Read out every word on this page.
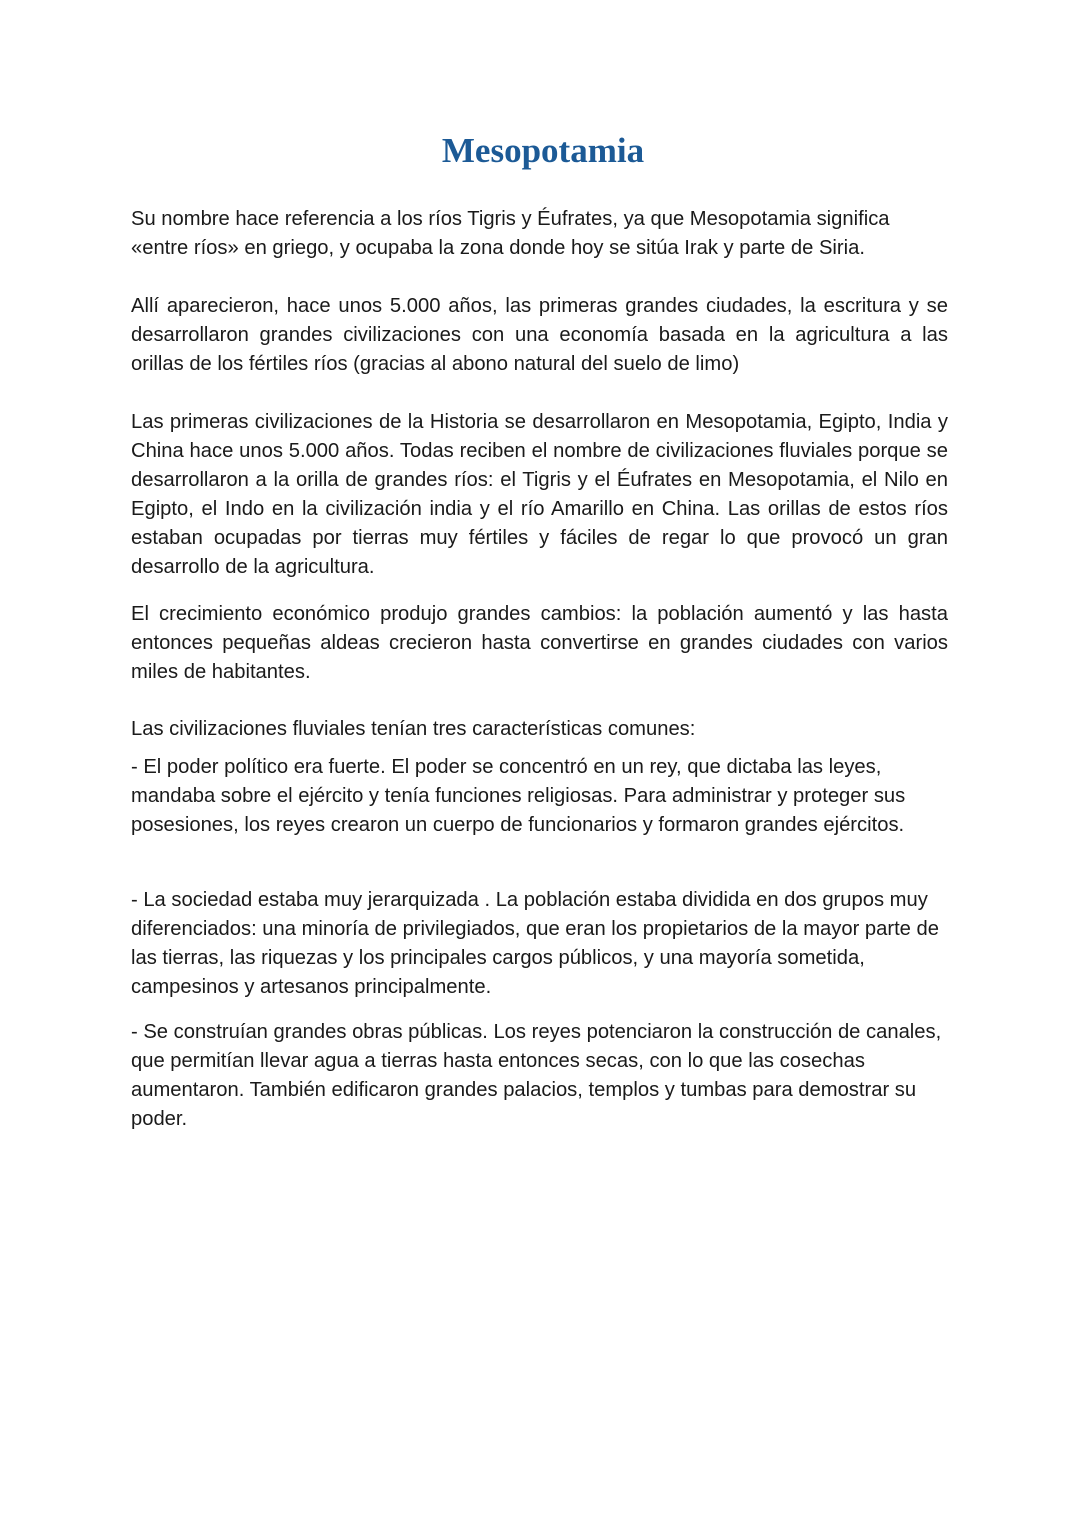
Mesopotamia

Su nombre hace referencia a los ríos Tigris y Éufrates, ya que Mesopotamia significa «entre ríos» en griego, y ocupaba la zona donde hoy se sitúa Irak y parte de Siria.

Allí aparecieron, hace unos 5.000 años, las primeras grandes ciudades, la escritura y se desarrollaron grandes civilizaciones con una economía basada en la agricultura a las orillas de los fértiles ríos (gracias al abono natural del suelo de limo)

Las primeras civilizaciones de la Historia se desarrollaron en Mesopotamia, Egipto, India y China hace unos 5.000 años. Todas reciben el nombre de civilizaciones fluviales porque se desarrollaron a la orilla de grandes ríos: el Tigris y el Éufrates en Mesopotamia, el Nilo en Egipto, el Indo en la civilización india y el río Amarillo en China. Las orillas de estos ríos estaban ocupadas por tierras muy fértiles y fáciles de regar lo que provocó un gran desarrollo de la agricultura.

El crecimiento económico produjo grandes cambios: la población aumentó y las hasta entonces pequeñas aldeas crecieron hasta convertirse en grandes ciudades con varios miles de habitantes.

Las civilizaciones fluviales tenían tres características comunes:

- El poder político era fuerte. El poder se concentró en un rey, que dictaba las leyes, mandaba sobre el ejército y tenía funciones religiosas. Para administrar y proteger sus posesiones, los reyes crearon un cuerpo de funcionarios y formaron grandes ejércitos.

- La sociedad estaba muy jerarquizada . La población estaba dividida en dos grupos muy diferenciados: una minoría de privilegiados, que eran los propietarios de la mayor parte de las tierras, las riquezas y los principales cargos públicos, y una mayoría sometida, campesinos y artesanos principalmente.

- Se construían grandes obras públicas. Los reyes potenciaron la construcción de canales, que permitían llevar agua a tierras hasta entonces secas, con lo que las cosechas aumentaron. También edificaron grandes palacios, templos y tumbas para demostrar su poder.
